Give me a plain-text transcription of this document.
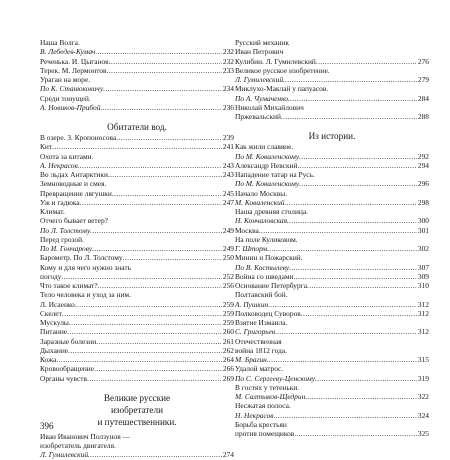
Наша Волга.
В. Лебедев-Кумач .....	232
Реченька. И. Цыганов .....	232
Терек. М. Лермонтов .....	233
Ураган на море.
По К. Станюковичу .....	234
Среди тонущей.
А. Новиков-Прибой .....	236
Обитатели вод.
В озере. З. Кропоносова .....	239
Кит .....	241
Охота за китами.
А. Некрасов .....	243
Во льдах Антарктики .....	243
Земноводные и смея.
Превращение лягушки .....	245
Уж и гадюка .....	247
Климат.
Отчего бывает ветер?
По Л. Толстому .....	249
Перед грозой.
По И. Гончарову .....	249
Барометр. По Л. Толстому .....	250
Кому и для чего нужно знать
погоду .....	252
Что такое климат? .....	256
Тело человека и уход за ним.
Л. Исаенко .....	259
Скелет .....	259
Мускулы .....	259
Питание .....	260
Заразные болезни .....	261
Дыхание .....	262
Кожа .....	264
Кровообращение .....	266
Органы чувств .....	269
Великие русские
изобретатели
и путешественники.
Иван Иванович Ползунов —
изобретатель двигателя.
Л. Гумилевский .....	274
Русский механик
Иван Петрович
Кулибин. Л. Гумилевский .....	276
Великое русское изобретение.
Л. Гумилевский .....	279
Миклухо-Маклай у папуасов.
По А. Чумаченко .....	284
Николай Михайлович
Пржевальский .....	288
Из истории.
Как жили славяне.
По М. Коваленскому .....	292
Александр Невский .....	294
Нападение татар на Русь.
По М. Коваленскому .....	296
Начало Москвы.
М. Коваленский .....	298
Наша древняя столица.
Н. Кончаловская .....	300
Москва .....	301
На поле Куликовом.
Г. Шторм .....	302
Минин и Пожарский.
По В. Костылеву .....	307
Война со шведами .....	309
Основание Петербурга .....	310
Полтавский бой.
А. Пушкин .....	312
Полководец Суворов .....	312
Взятие Измаила.
С. Григорьев .....	312
Отечественная
война 1812 года.
М. Брагин .....	315
Удалой матрос.
По С. Сергееву-Ценскому .....	319
В гостях у тетеньки.
М. Салтыков-Щедрин .....	322
Несжатая полоса.
Н. Некрасов .....	324
Борьба крестьян
против помещиков .....	325
396
